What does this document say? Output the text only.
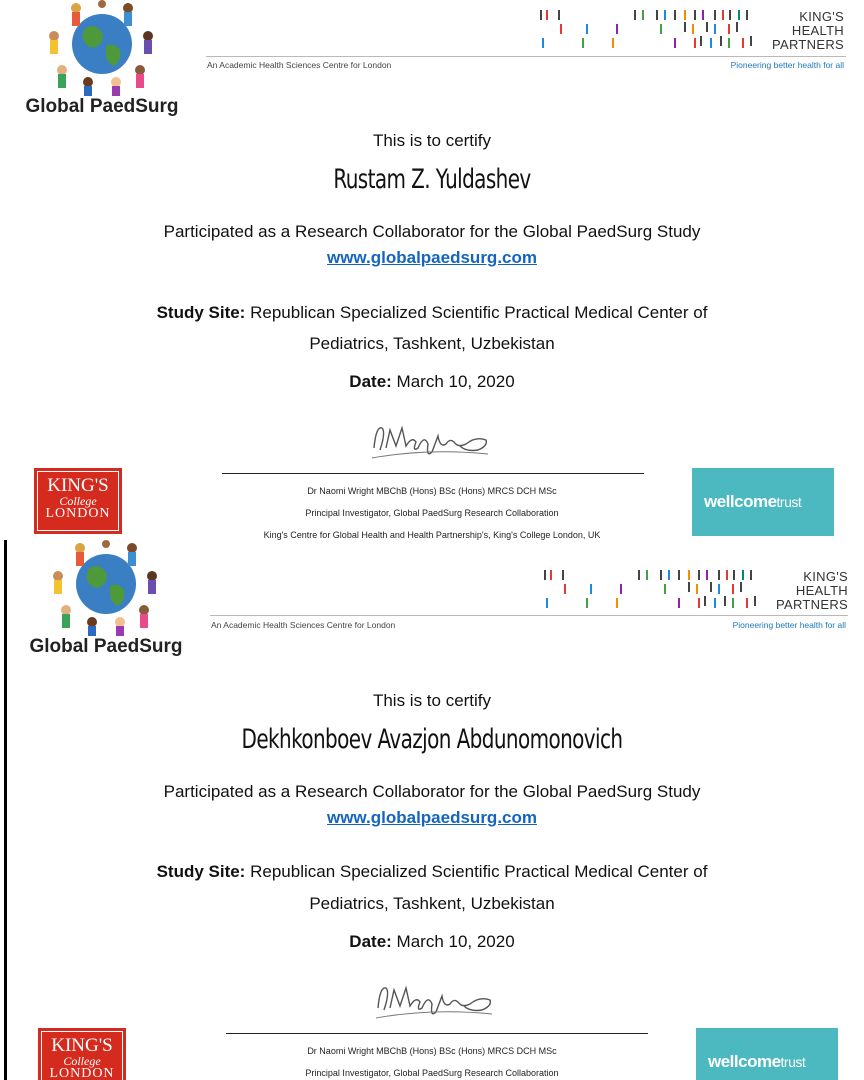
Global PaedSurg
KING'S
HEALTH
PARTNERS
An Academic Health Sciences Centre for London	Pioneering better health for all
This is to certify
Rustam Z. Yuldashev
Participated as a Research Collaborator for the Global PaedSurg Study
www.globalpaedsurg.com
Study Site: Republican Specialized Scientific Practical Medical Center of
Pediatrics, Tashkent, Uzbekistan
Date: March 10, 2020
Dr Naomi Wright MBChB (Hons) BSc (Hons) MRCS DCH MSc
Principal Investigator, Global PaedSurg Research Collaboration
King's Centre for Global Health and Health Partnership's, King's College London, UK
KING'S
College
LONDON
wellcometrust
Global PaedSurg
KING'S
HEALTH
PARTNERS
An Academic Health Sciences Centre for London	Pioneering better health for all
This is to certify
Dekhkonboev Avazjon Abdunomonovich
Participated as a Research Collaborator for the Global PaedSurg Study
www.globalpaedsurg.com
Study Site: Republican Specialized Scientific Practical Medical Center of
Pediatrics, Tashkent, Uzbekistan
Date: March 10, 2020
Dr Naomi Wright MBChB (Hons) BSc (Hons) MRCS DCH MSc
Principal Investigator, Global PaedSurg Research Collaboration
KING'S
College
LONDON
wellcometrust
